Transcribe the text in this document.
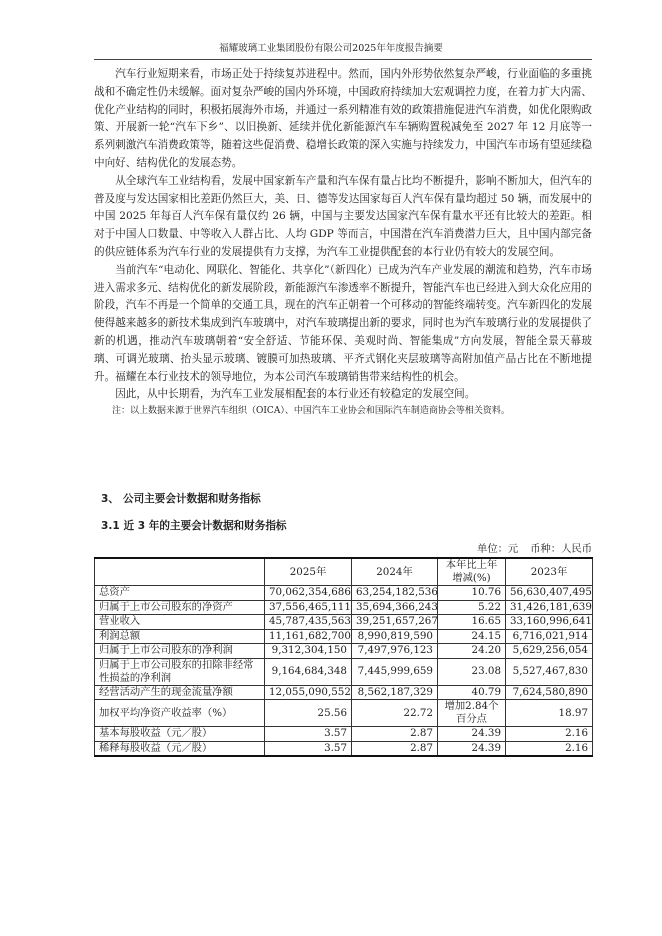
福耀玻璃工业集团股份有限公司2025年年度报告摘要

汽车行业短期来看，市场正处于持续复苏进程中。然而，国内外形势依然复杂严峻，行业面临的多重挑战和不确定性仍未缓解。面对复杂严峻的国内外环境，中国政府持续加大宏观调控力度，在着力扩大内需、优化产业结构的同时，积极拓展海外市场，并通过一系列精准有效的政策措施促进汽车消费，如优化限购政策、开展新一轮“汽车下乡”、以旧换新、延续并优化新能源汽车车辆购置税减免至 2027 年 12 月底等一系列刺激汽车消费政策等，随着这些促消费、稳增长政策的深入实施与持续发力，中国汽车市场有望延续稳中向好、结构优化的发展态势。

从全球汽车工业结构看，发展中国家新车产量和汽车保有量占比均不断提升，影响不断加大，但汽车的普及度与发达国家相比差距仍然巨大，美、日、德等发达国家每百人汽车保有量均超过 50 辆，而发展中的中国 2025 年每百人汽车保有量仅约 26 辆，中国与主要发达国家汽车保有量水平还有比较大的差距。相对于中国人口数量、中等收入人群占比、人均 GDP 等而言，中国潜在汽车消费潜力巨大，且中国内部完备的供应链体系为汽车行业的发展提供有力支撑，为汽车工业提供配套的本行业仍有较大的发展空间。

当前汽车“电动化、网联化、智能化、共享化”（新四化）已成为汽车产业发展的潮流和趋势，汽车市场进入需求多元、结构优化的新发展阶段，新能源汽车渗透率不断提升，智能汽车也已经进入到大众化应用的阶段，汽车不再是一个简单的交通工具，现在的汽车正朝着一个可移动的智能终端转变。汽车新四化的发展使得越来越多的新技术集成到汽车玻璃中，对汽车玻璃提出新的要求，同时也为汽车玻璃行业的发展提供了新的机遇，推动汽车玻璃朝着“安全舒适、节能环保、美观时尚、智能集成”方向发展，智能全景天幕玻璃、可调光玻璃、抬头显示玻璃、镀膜可加热玻璃、平齐式钢化夹层玻璃等高附加值产品占比在不断地提升。福耀在本行业技术的领导地位，为本公司汽车玻璃销售带来结构性的机会。

因此，从中长期看，为汽车工业发展相配套的本行业还有较稳定的发展空间。

注：以上数据来源于世界汽车组织（OICA）、中国汽车工业协会和国际汽车制造商协会等相关资料。

3、 公司主要会计数据和财务指标
3.1 近 3 年的主要会计数据和财务指标
单位：元 币种：人民币
	2025年	2024年	本年比上年增减(%)	2023年
总资产	70,062,354,686	63,254,182,536	10.76	56,630,407,495
归属于上市公司股东的净资产	37,556,465,111	35,694,366,243	5.22	31,426,181,639
营业收入	45,787,435,563	39,251,657,267	16.65	33,160,996,641
利润总额	11,161,682,700	8,990,819,590	24.15	6,716,021,914
归属于上市公司股东的净利润	9,312,304,150	7,497,976,123	24.20	5,629,256,054
归属于上市公司股东的扣除非经常性损益的净利润	9,164,684,348	7,445,999,659	23.08	5,527,467,830
经营活动产生的现金流量净额	12,055,090,552	8,562,187,329	40.79	7,624,580,890
加权平均净资产收益率（%）	25.56	22.72	增加2.84个百分点	18.97
基本每股收益（元／股）	3.57	2.87	24.39	2.16
稀释每股收益（元／股）	3.57	2.87	24.39	2.16
